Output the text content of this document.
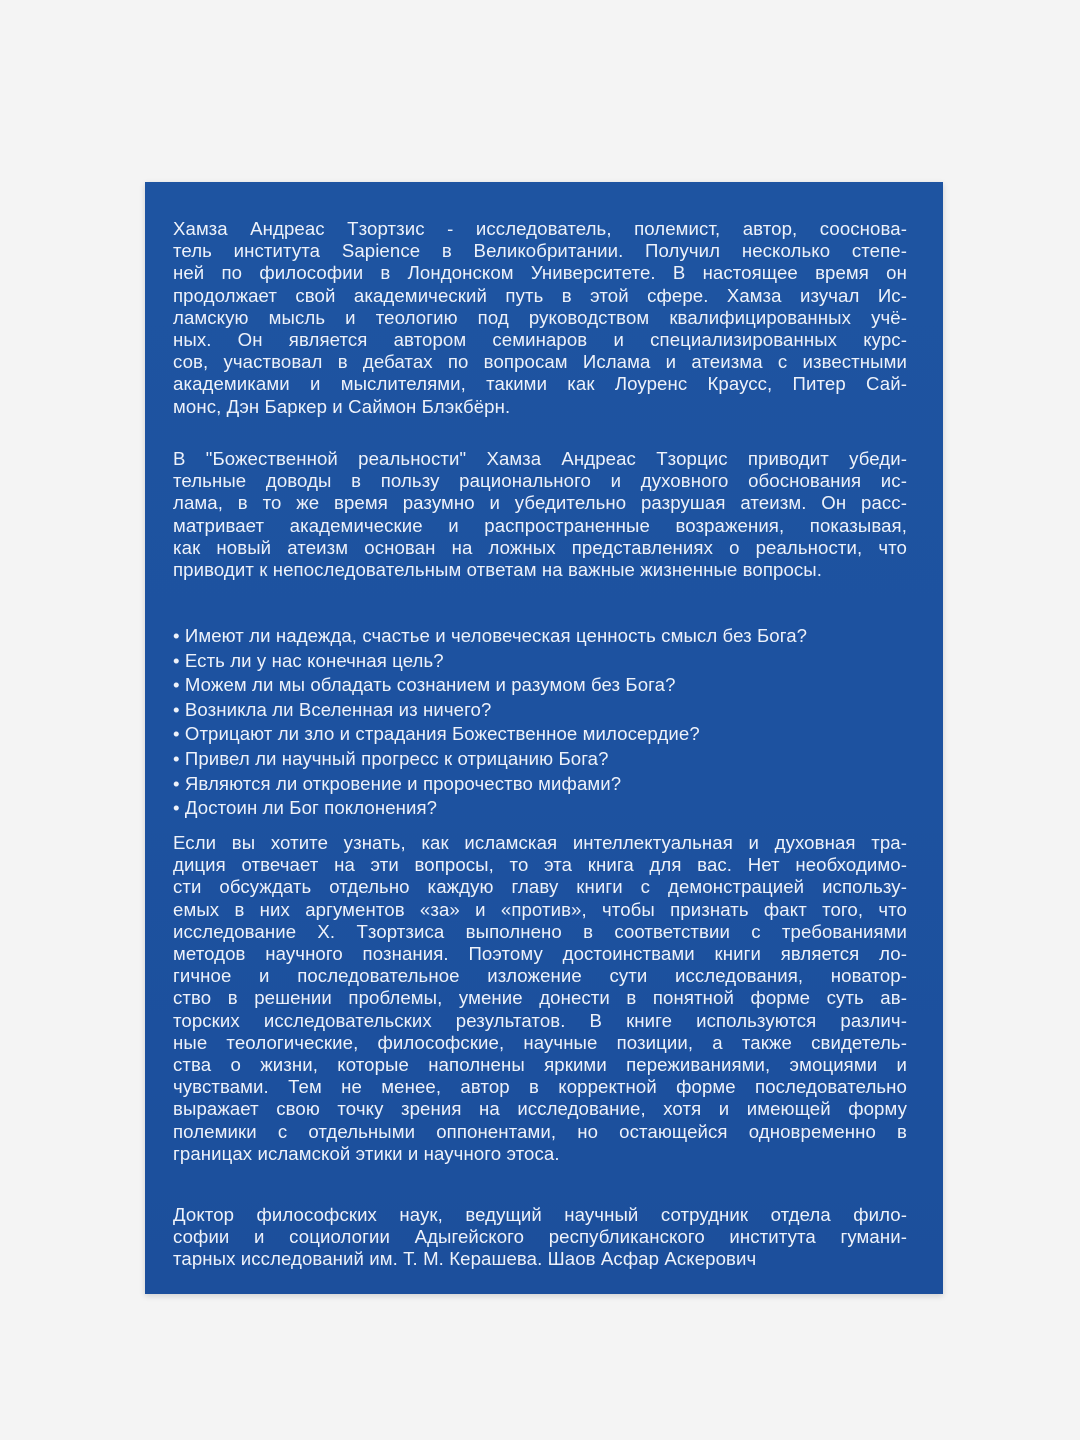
Хамза Андреас Тзортзис - исследователь, полемист, автор, сооснова-
тель института Sapience в Великобритании. Получил несколько степе-
ней по философии в Лондонском Университете. В настоящее время он
продолжает свой академический путь в этой сфере. Хамза изучал Ис-
ламскую мысль и теологию под руководством квалифицированных учё-
ных. Он является автором семинаров и специализированных курс-
сов, участвовал в дебатах по вопросам Ислама и атеизма с известными
академиками и мыслителями, такими как Лоуренс Краусс, Питер Сай-
монс, Дэн Баркер и Саймон Блэкбёрн.
В "Божественной реальности" Хамза Андреас Тзорцис приводит убеди-
тельные доводы в пользу рационального и духовного обоснования ис-
лама, в то же время разумно и убедительно разрушая атеизм. Он расс-
матривает академические и распространенные возражения, показывая,
как новый атеизм основан на ложных представлениях о реальности, что
приводит к непоследовательным ответам на важные жизненные вопросы.
• Имеют ли надежда, счастье и человеческая ценность смысл без Бога?
• Есть ли у нас конечная цель?
• Можем ли мы обладать сознанием и разумом без Бога?
• Возникла ли Вселенная из ничего?
• Отрицают ли зло и страдания Божественное милосердие?
• Привел ли научный прогресс к отрицанию Бога?
• Являются ли откровение и пророчество мифами?
• Достоин ли Бог поклонения?
Если вы хотите узнать, как исламская интеллектуальная и духовная тра-
диция отвечает на эти вопросы, то эта книга для вас. Нет необходимо-
сти обсуждать отдельно каждую главу книги с демонстрацией использу-
емых в них аргументов «за» и «против», чтобы признать факт того, что
исследование Х. Тзортзиса выполнено в соответствии с требованиями
методов научного познания. Поэтому достоинствами книги является ло-
гичное и последовательное изложение сути исследования, новатор-
ство в решении проблемы, умение донести в понятной форме суть ав-
торских исследовательских результатов. В книге используются различ-
ные теологические, философские, научные позиции, а также свидетель-
ства о жизни, которые наполнены яркими переживаниями, эмоциями и
чувствами. Тем не менее, автор в корректной форме последовательно
выражает свою точку зрения на исследование, хотя и имеющей форму
полемики с отдельными оппонентами, но остающейся одновременно в
границах исламской этики и научного этоса.
Доктор философских наук, ведущий научный сотрудник отдела фило-
софии и социологии Адыгейского республиканского института гумани-
тарных исследований им. Т. М. Керашева. Шаов Асфар Аскерович
